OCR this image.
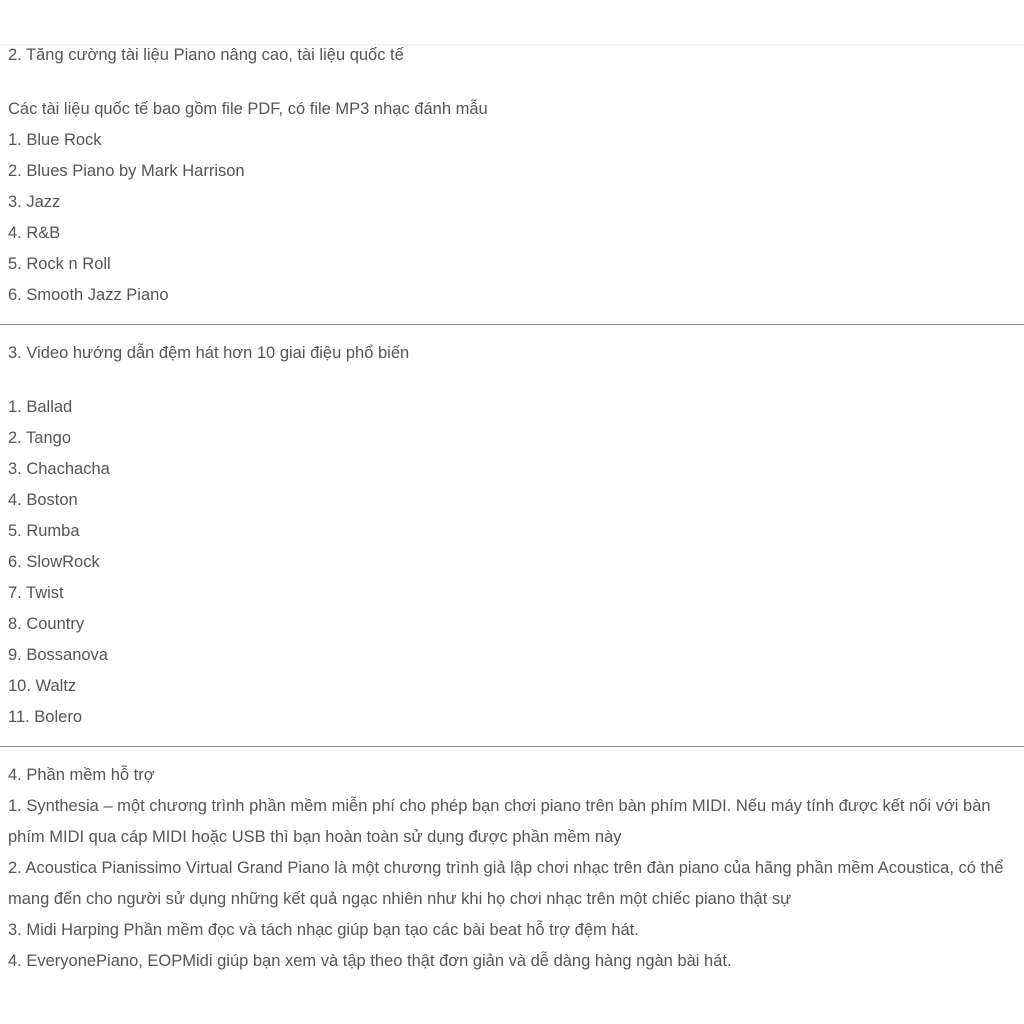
2. Tăng cường tài liệu Piano nâng cao, tài liệu quốc tế
Các tài liệu quốc tế bao gồm file PDF, có file MP3 nhạc đánh mẫu
1. Blue Rock
2. Blues Piano by Mark Harrison
3. Jazz
4. R&B
5. Rock n Roll
6. Smooth Jazz Piano
3. Video hướng dẫn đệm hát hơn 10 giai điệu phổ biến
1. Ballad
2. Tango
3. Chachacha
4. Boston
5. Rumba
6. SlowRock
7. Twist
8. Country
9. Bossanova
10. Waltz
11. Bolero
4. Phần mềm hỗ trợ
1. Synthesia – một chương trình phần mềm miễn phí cho phép bạn chơi piano trên bàn phím MIDI. Nếu máy tính được kết nối với bàn phím MIDI qua cáp MIDI hoặc USB thì bạn hoàn toàn sử dụng được phần mềm này
2. Acoustica Pianissimo Virtual Grand Piano là một chương trình giả lập chơi nhạc trên đàn piano của hãng phần mềm Acoustica, có thể mang đến cho người sử dụng những kết quả ngạc nhiên như khi họ chơi nhạc trên một chiếc piano thật sự
3. Midi Harping Phần mềm đọc và tách nhạc giúp bạn tạo các bài beat hỗ trợ đệm hát.
4. EveryonePiano, EOPMidi giúp bạn xem và tập theo thật đơn giản và dễ dàng hàng ngàn bài hát.
